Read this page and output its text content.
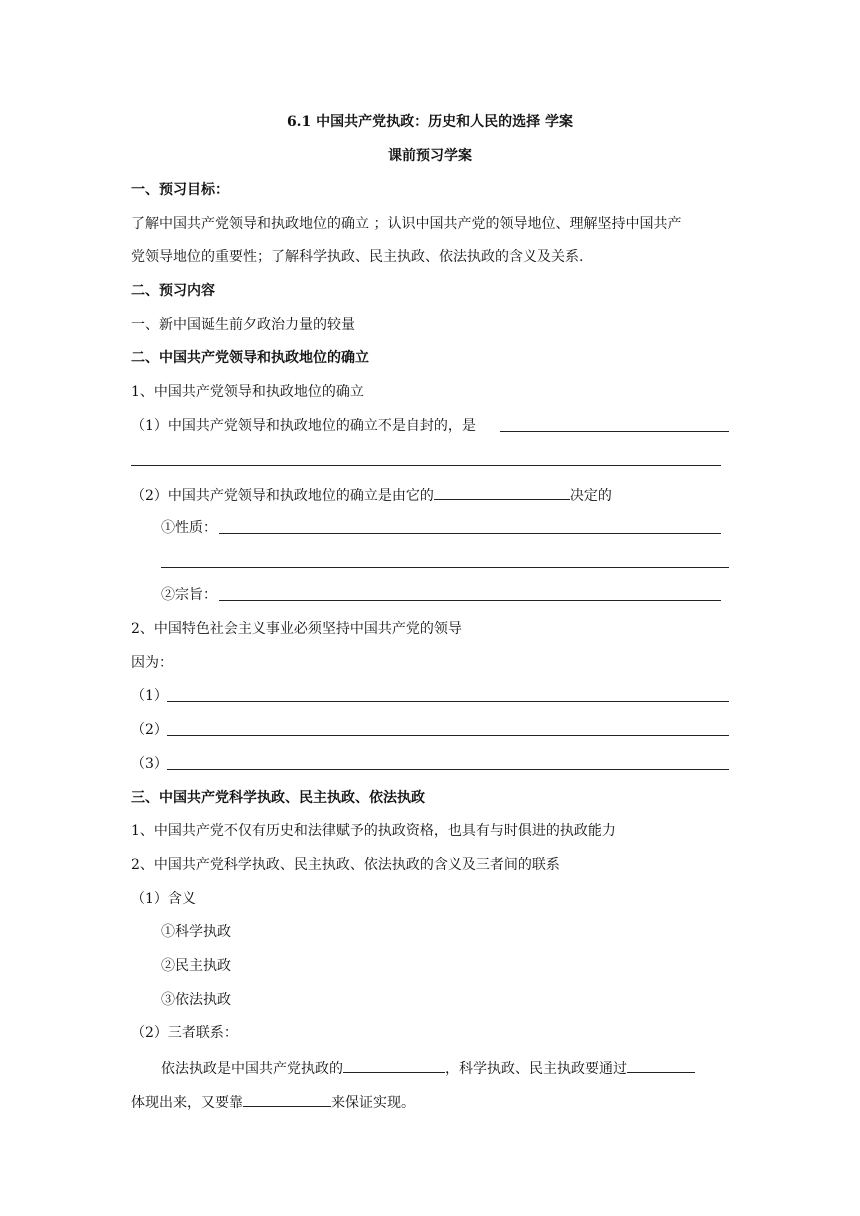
6.1 中国共产党执政：历史和人民的选择 学案
课前预习学案
一、预习目标：
了解中国共产党领导和执政地位的确立 ；认识中国共产党的领导地位、理解坚持中国共产
党领导地位的重要性；了解科学执政、民主执政、依法执政的含义及关系.
二、预习内容
一、新中国诞生前夕政治力量的较量
二、中国共产党领导和执政地位的确立
1、中国共产党领导和执政地位的确立
（1）中国共产党领导和执政地位的确立不是自封的，是
（2）中国共产党领导和执政地位的确立是由它的	决定的
①性质：
②宗旨：
2、中国特色社会主义事业必须坚持中国共产党的领导
因为：
（1）
（2）
（3）
三、中国共产党科学执政、民主执政、依法执政
1、中国共产党不仅有历史和法律赋予的执政资格，也具有与时俱进的执政能力
2、中国共产党科学执政、民主执政、依法执政的含义及三者间的联系
（1）含义
①科学执政
②民主执政
③依法执政
（2）三者联系：
依法执政是中国共产党执政的	，科学执政、民主执政要通过
体现出来，又要靠	来保证实现。
